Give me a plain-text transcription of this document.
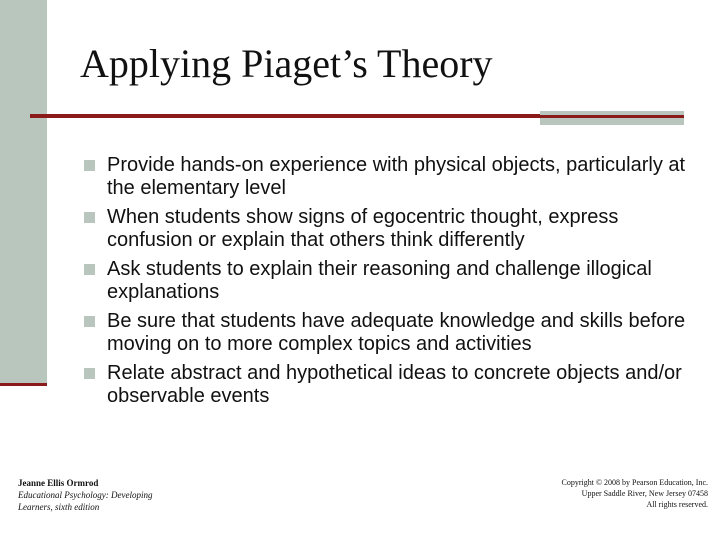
Applying Piaget’s Theory
Provide hands-on experience with physical objects, particularly at the elementary level
When students show signs of egocentric thought, express confusion or explain that others think differently
Ask students to explain their reasoning and challenge illogical explanations
Be sure that students have adequate knowledge and skills before moving on to more complex topics and activities
Relate abstract and hypothetical ideas to concrete objects and/or observable events
Jeanne Ellis Ormrod
Educational Psychology: Developing
Learners, sixth edition
Copyright © 2008 by Pearson Education, Inc.
Upper Saddle River, New Jersey 07458
All rights reserved.
